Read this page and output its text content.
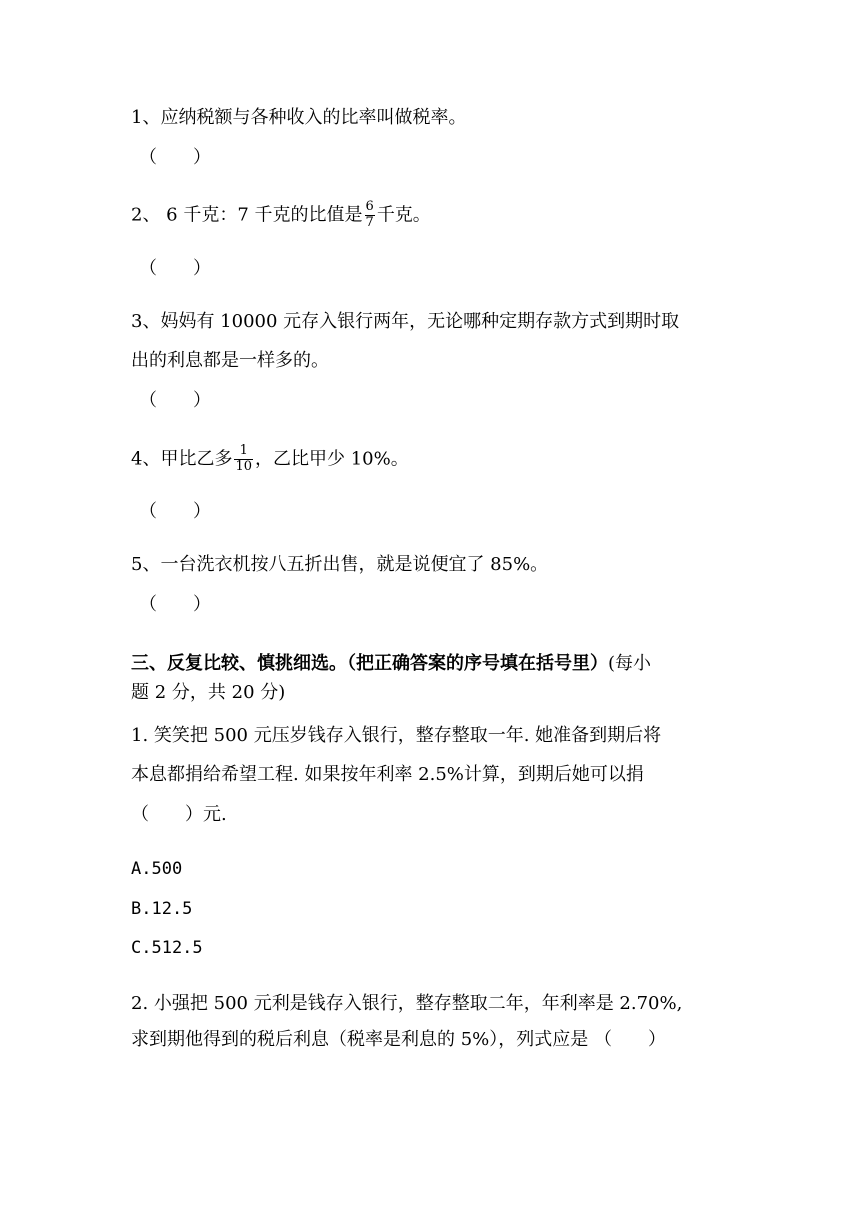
1、应纳税额与各种收入的比率叫做税率。
（　　）
2、 6 千克：7 千克的比值是 $\frac{6}{7}$ 千克。
（　　）
3、妈妈有 10000 元存入银行两年，无论哪种定期存款方式到期时取
出的利息都是一样多的。
（　　）
4、甲比乙多 $\frac{1}{10}$ ，乙比甲少 10%。
（　　）
5、一台洗衣机按八五折出售，就是说便宜了 85%。
（　　）
三、反复比较、慎挑细选。（把正确答案的序号填在括号里）(每小
题 2 分，共 20 分)
1. 笑笑把 500 元压岁钱存入银行，整存整取一年. 她准备到期后将
本息都捐给希望工程. 如果按年利率 2.5%计算，到期后她可以捐
（　　）元.
A.500
B.12.5
C.512.5
2. 小强把 500 元利是钱存入银行，整存整取二年，年利率是 2.70%,
求到期他得到的税后利息（税率是利息的 5%），列式应是 （　　）
